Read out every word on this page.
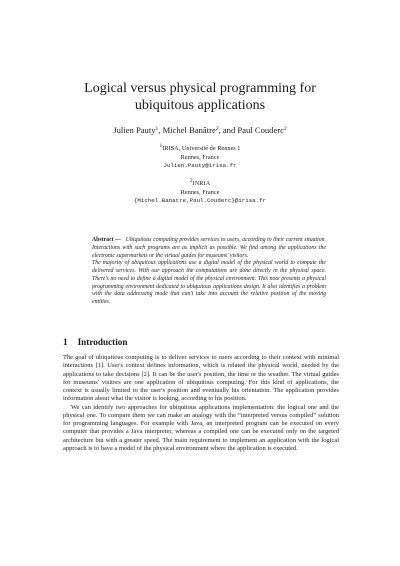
Logical versus physical programming for
ubiquitous applications
Julien Pauty$^1$, Michel Banâtre$^2$, and Paul Couderc$^2$
$^1$IRISA, Université de Rennes 1
Rennes, France
Julien.Pauty@irisa.fr
$^2$INRIA
Rennes, France
{Michel.Banatre,Paul.Couderc}@irisa.fr

Abstract — Ubiquitous computing provides services to users, according to their current situation. Interactions with such programs are as implicit as possible. We find among the applications the electronic supermarkets or the virtual guides for museums' visitors.

The majority of ubiquitous applications use a digital model of the physical world to compute the delivered services. With our approach the computations are done directly in the physical space. There's no need to define a digital model of the physical environment. This note presents a physical programming environment dedicated to ubiquitous applications design. It also identifies a problem with the data addressing mode that can't take into account the relative position of the moving entities.

1 Introduction

The goal of ubiquitous computing is to deliver services to users according to their context with minimal interactions [1]. User's context defines information, which is related the physical world, needed by the applications to take decisions [2]. It can be the user's position, the time or the weather. The virtual guides for museums' visitors are one application of ubiquitous computing. For this kind of applications, the context is usually limited to the user's position and eventually his orientation. The application provides information about what the visitor is looking, according to his position.

We can identify two approaches for ubiquitous applications implementation: the logical one and the physical one. To compare them we can make an analogy with the “interpreted versus compiled” solution for programming languages. For example with Java, an interpreted program can be executed on every computer that provides a Java interpreter, whereas a compiled one can be executed only on the targeted architecture but with a greater speed. The main requirement to implement an application with the logical approach is to have a model of the physical environment where the application is executed.
